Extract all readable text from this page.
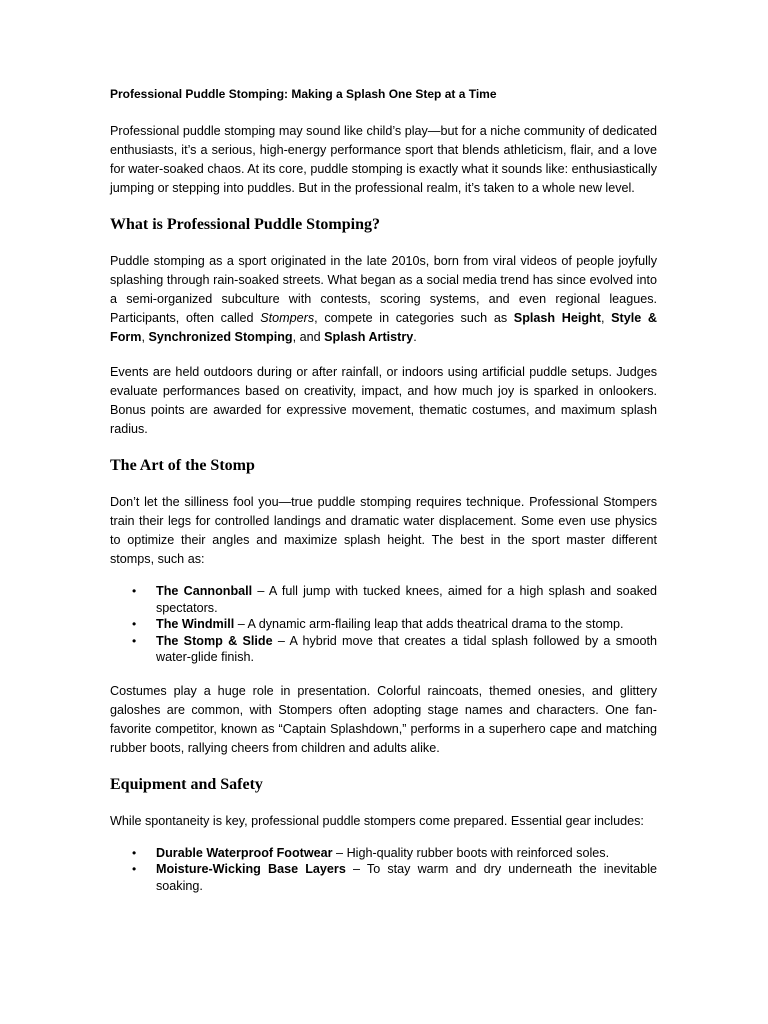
Professional Puddle Stomping: Making a Splash One Step at a Time

Professional puddle stomping may sound like child’s play—but for a niche community of dedicated enthusiasts, it’s a serious, high-energy performance sport that blends athleticism, flair, and a love for water-soaked chaos. At its core, puddle stomping is exactly what it sounds like: enthusiastically jumping or stepping into puddles. But in the professional realm, it’s taken to a whole new level.

What is Professional Puddle Stomping?

Puddle stomping as a sport originated in the late 2010s, born from viral videos of people joyfully splashing through rain-soaked streets. What began as a social media trend has since evolved into a semi-organized subculture with contests, scoring systems, and even regional leagues. Participants, often called Stompers, compete in categories such as Splash Height, Style & Form, Synchronized Stomping, and Splash Artistry.

Events are held outdoors during or after rainfall, or indoors using artificial puddle setups. Judges evaluate performances based on creativity, impact, and how much joy is sparked in onlookers. Bonus points are awarded for expressive movement, thematic costumes, and maximum splash radius.

The Art of the Stomp

Don’t let the silliness fool you—true puddle stomping requires technique. Professional Stompers train their legs for controlled landings and dramatic water displacement. Some even use physics to optimize their angles and maximize splash height. The best in the sport master different stomps, such as:

• The Cannonball – A full jump with tucked knees, aimed for a high splash and soaked spectators.
• The Windmill – A dynamic arm-flailing leap that adds theatrical drama to the stomp.
• The Stomp & Slide – A hybrid move that creates a tidal splash followed by a smooth water-glide finish.

Costumes play a huge role in presentation. Colorful raincoats, themed onesies, and glittery galoshes are common, with Stompers often adopting stage names and characters. One fan-favorite competitor, known as “Captain Splashdown,” performs in a superhero cape and matching rubber boots, rallying cheers from children and adults alike.

Equipment and Safety

While spontaneity is key, professional puddle stompers come prepared. Essential gear includes:

• Durable Waterproof Footwear – High-quality rubber boots with reinforced soles.
• Moisture-Wicking Base Layers – To stay warm and dry underneath the inevitable soaking.
